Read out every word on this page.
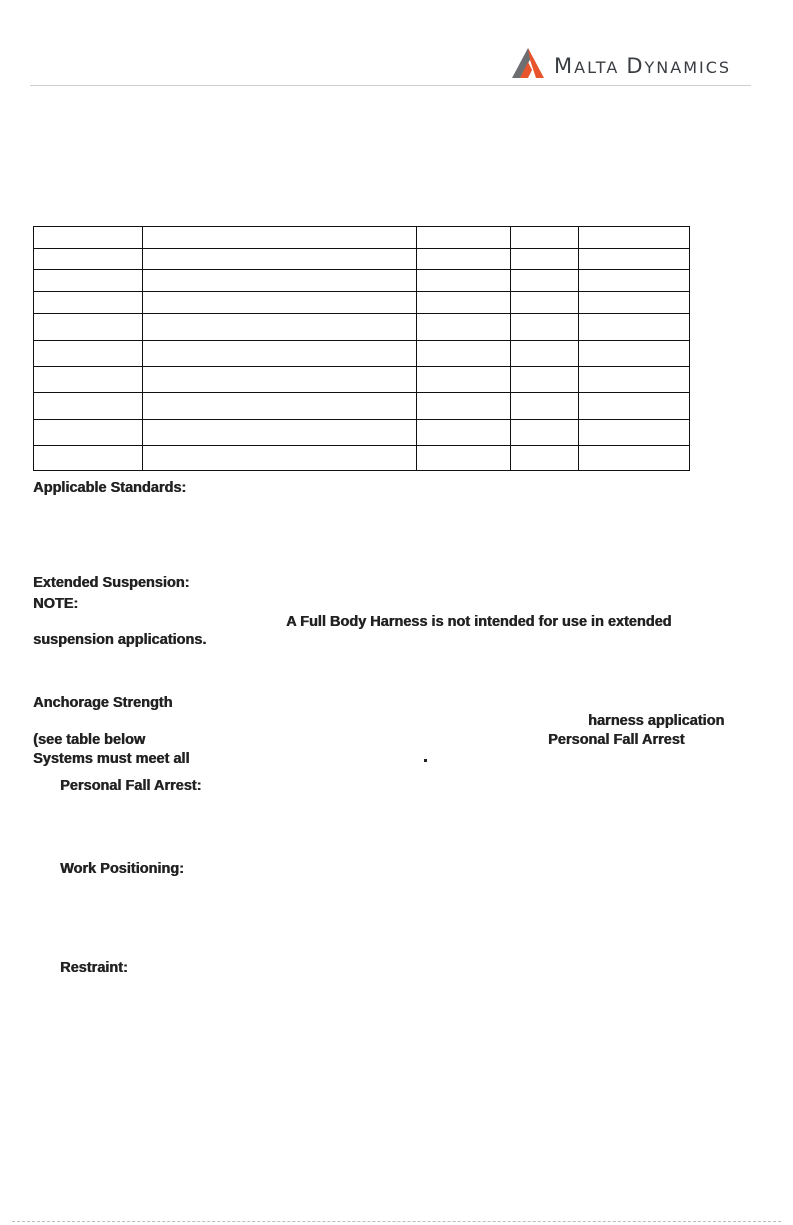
MALTA DYNAMICS

Applicable Standards:
Extended Suspension:
NOTE:
A Full Body Harness is not intended for use in extended
suspension applications.
Anchorage Strength
harness application
(see table below	Personal Fall Arrest
Systems must meet all
Personal Fall Arrest:
Work Positioning:
Restraint:
